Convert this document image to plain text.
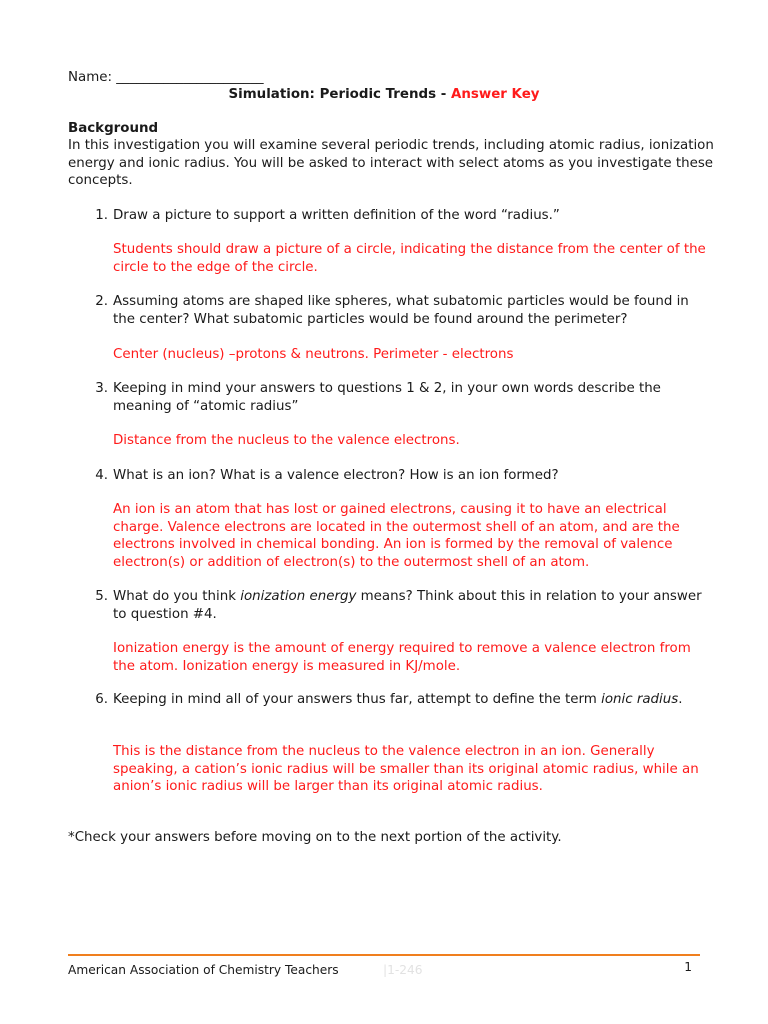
Name: ______________________

Simulation: Periodic Trends - Answer Key

Background

In this investigation you will examine several periodic trends, including atomic radius, ionization energy and ionic radius. You will be asked to interact with select atoms as you investigate these concepts.

1. Draw a picture to support a written definition of the word “radius.”

Students should draw a picture of a circle, indicating the distance from the center of the circle to the edge of the circle.

2. Assuming atoms are shaped like spheres, what subatomic particles would be found in the center? What subatomic particles would be found around the perimeter?

Center (nucleus) –protons & neutrons. Perimeter - electrons

3. Keeping in mind your answers to questions 1 & 2, in your own words describe the meaning of “atomic radius”

Distance from the nucleus to the valence electrons.

4. What is an ion? What is a valence electron? How is an ion formed?

An ion is an atom that has lost or gained electrons, causing it to have an electrical charge. Valence electrons are located in the outermost shell of an atom, and are the electrons involved in chemical bonding. An ion is formed by the removal of valence electron(s) or addition of electron(s) to the outermost shell of an atom.

5. What do you think ionization energy means? Think about this in relation to your answer to question #4.

Ionization energy is the amount of energy required to remove a valence electron from the atom. Ionization energy is measured in KJ/mole.

6. Keeping in mind all of your answers thus far, attempt to define the term ionic radius.

This is the distance from the nucleus to the valence electron in an ion. Generally speaking, a cation’s ionic radius will be smaller than its original atomic radius, while an anion’s ionic radius will be larger than its original atomic radius.

*Check your answers before moving on to the next portion of the activity.

American Association of Chemistry Teachers	|1-246	1
